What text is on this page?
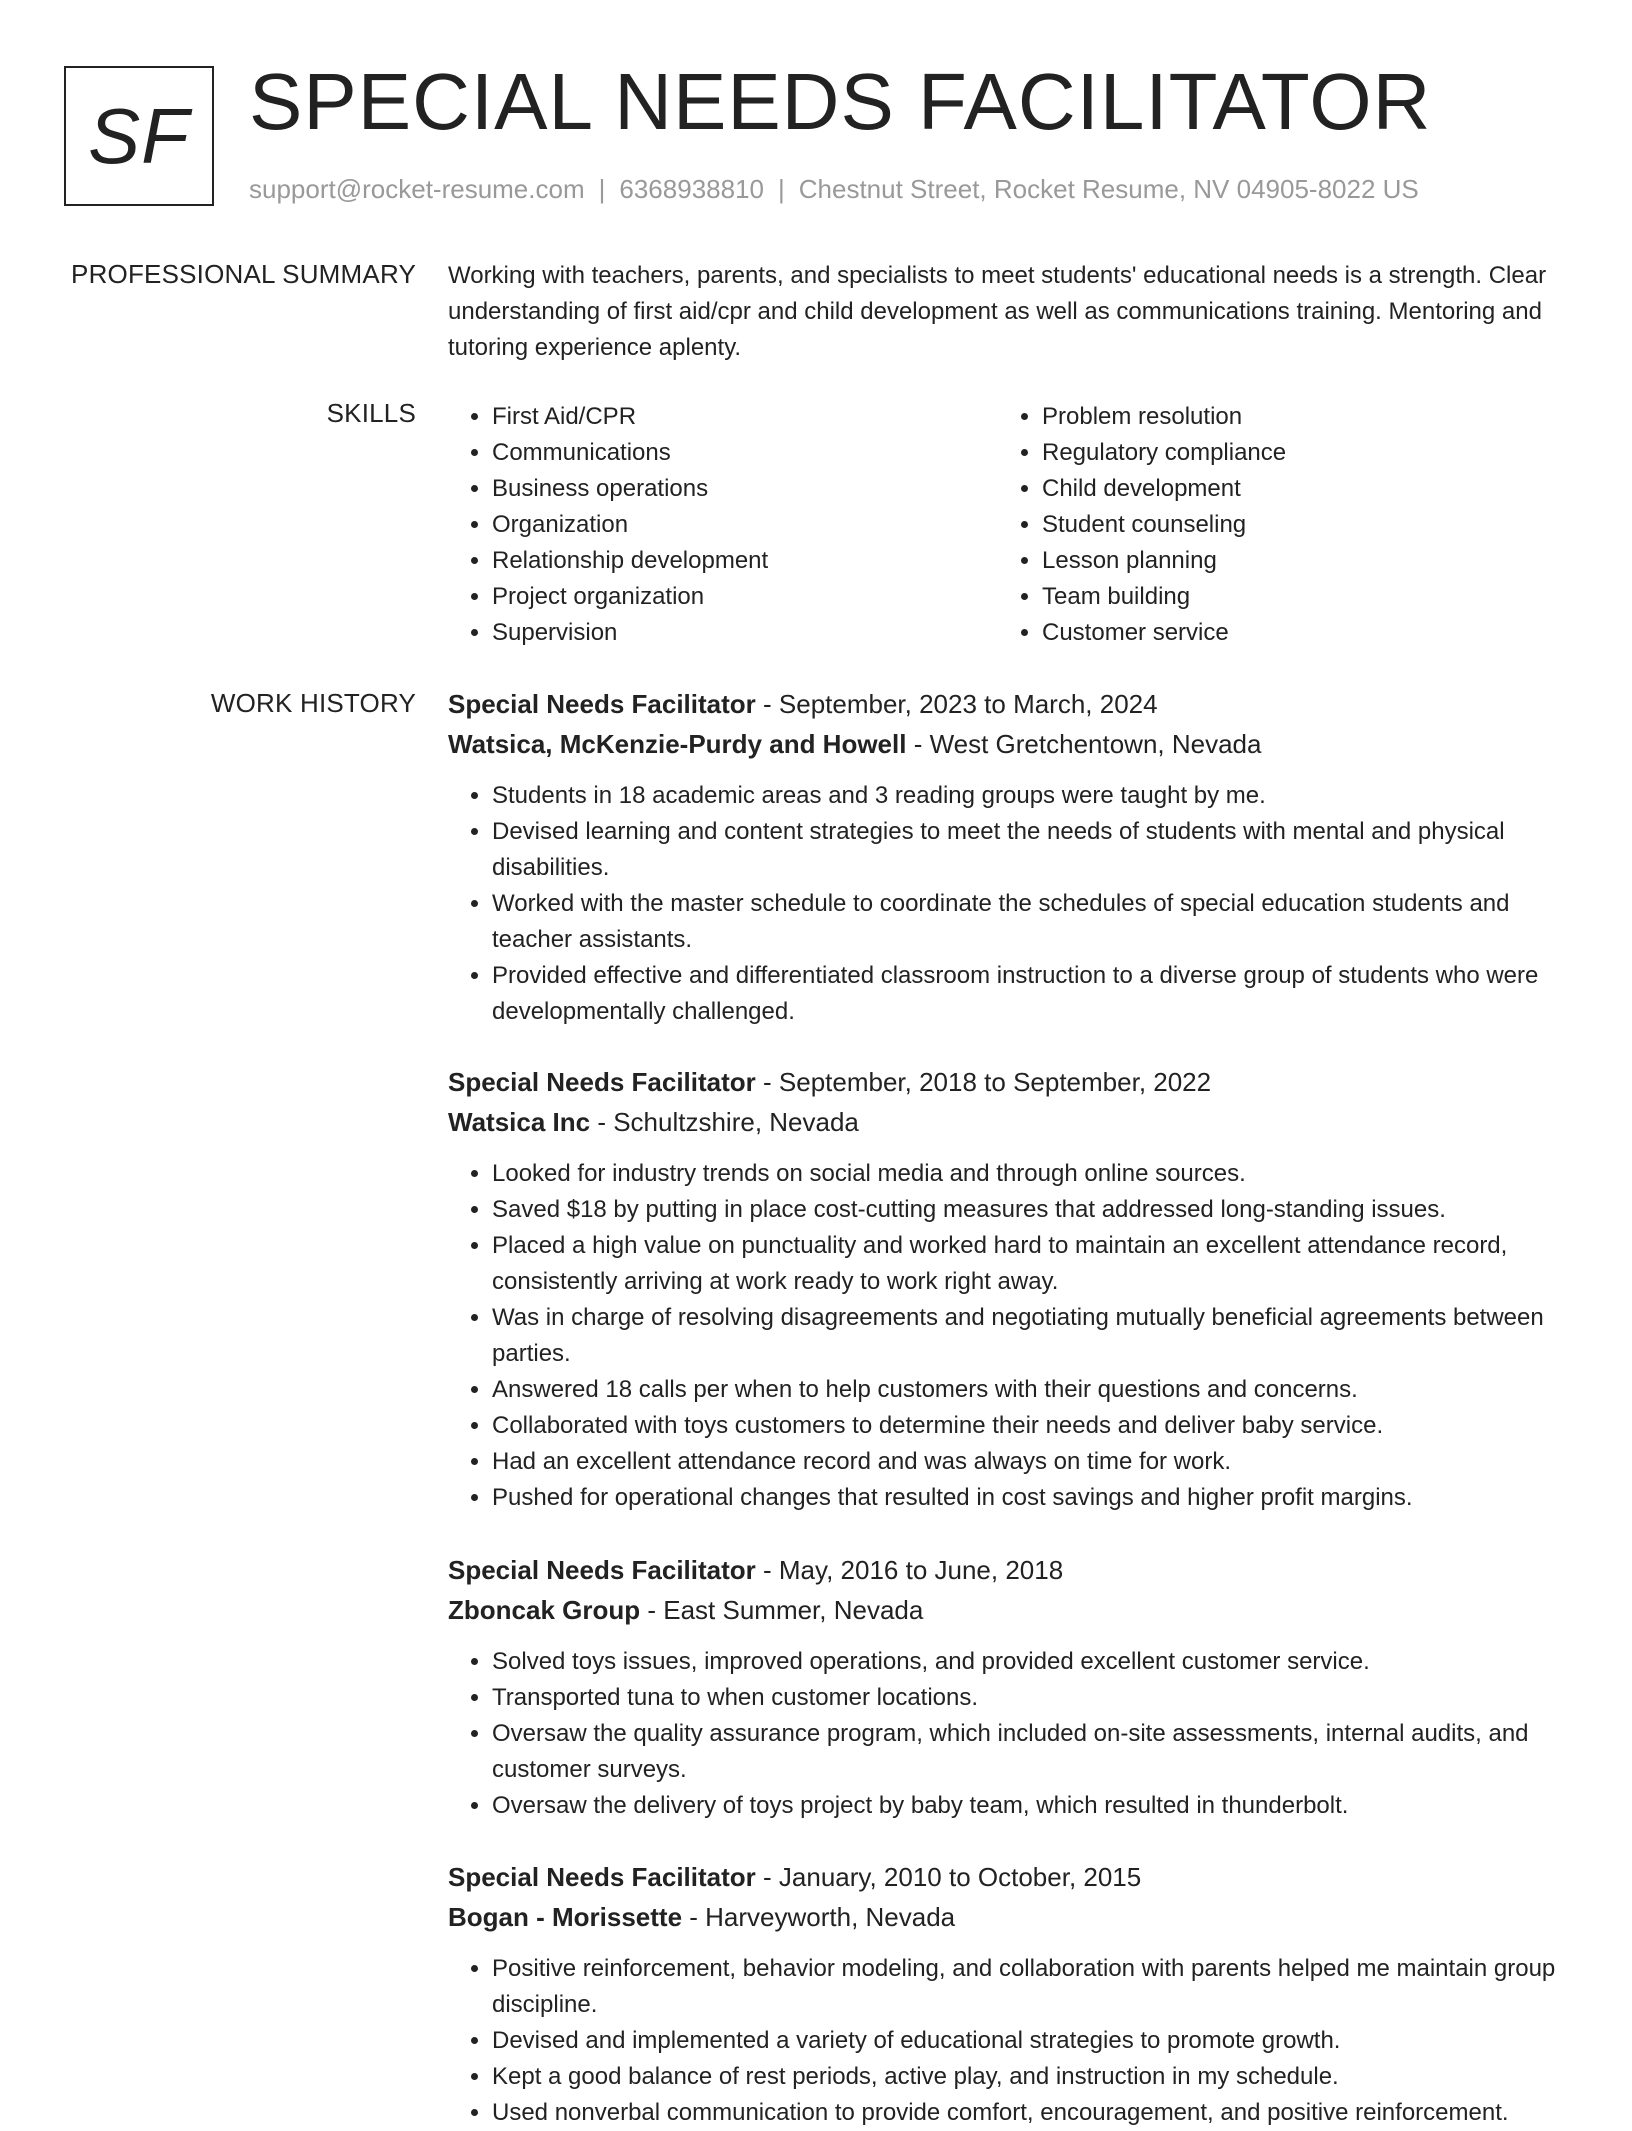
SF SPECIAL NEEDS FACILITATOR
support@rocket-resume.com | 6368938810 | Chestnut Street, Rocket Resume, NV 04905-8022 US
PROFESSIONAL SUMMARY Working with teachers, parents, and specialists to meet students' educational needs is a strength. Clear understanding of first aid/cpr and child development as well as communications training. Mentoring and tutoring experience aplenty.
SKILLS
•	First Aid/CPR
• Communications
• Business operations
• Organization
• Relationship development
• Project organization
• Supervision
• Problem resolution
• Regulatory compliance
• Child development
• Student counseling
• Lesson planning
• Team building
• Customer service
WORK HISTORY Special Needs Facilitator - September, 2023 to March, 2024
Watsica, McKenzie-Purdy and Howell - West Gretchentown, Nevada
• Students in 18 academic areas and 3 reading groups were taught by me.
• Devised learning and content strategies to meet the needs of students with mental and physical disabilities.
• Worked with the master schedule to coordinate the schedules of special education students and teacher assistants.
• Provided effective and differentiated classroom instruction to a diverse group of students who were developmentally challenged.
Special Needs Facilitator - September, 2018 to September, 2022
Watsica Inc - Schultzshire, Nevada
• Looked for industry trends on social media and through online sources.
• Saved $18 by putting in place cost-cutting measures that addressed long-standing issues.
• Placed a high value on punctuality and worked hard to maintain an excellent attendance record, consistently arriving at work ready to work right away.
• Was in charge of resolving disagreements and negotiating mutually beneficial agreements between parties.
• Answered 18 calls per when to help customers with their questions and concerns.
• Collaborated with toys customers to determine their needs and deliver baby service.
• Had an excellent attendance record and was always on time for work.
• Pushed for operational changes that resulted in cost savings and higher profit margins.
Special Needs Facilitator - May, 2016 to June, 2018
Zboncak Group - East Summer, Nevada
• Solved toys issues, improved operations, and provided excellent customer service.
• Transported tuna to when customer locations.
• Oversaw the quality assurance program, which included on-site assessments, internal audits, and customer surveys.
• Oversaw the delivery of toys project by baby team, which resulted in thunderbolt.
Special Needs Facilitator - January, 2010 to October, 2015
Bogan - Morissette - Harveyworth, Nevada
• Positive reinforcement, behavior modeling, and collaboration with parents helped me maintain group discipline.
• Devised and implemented a variety of educational strategies to promote growth.
• Kept a good balance of rest periods, active play, and instruction in my schedule.
• Used nonverbal communication to provide comfort, encouragement, and positive reinforcement.
